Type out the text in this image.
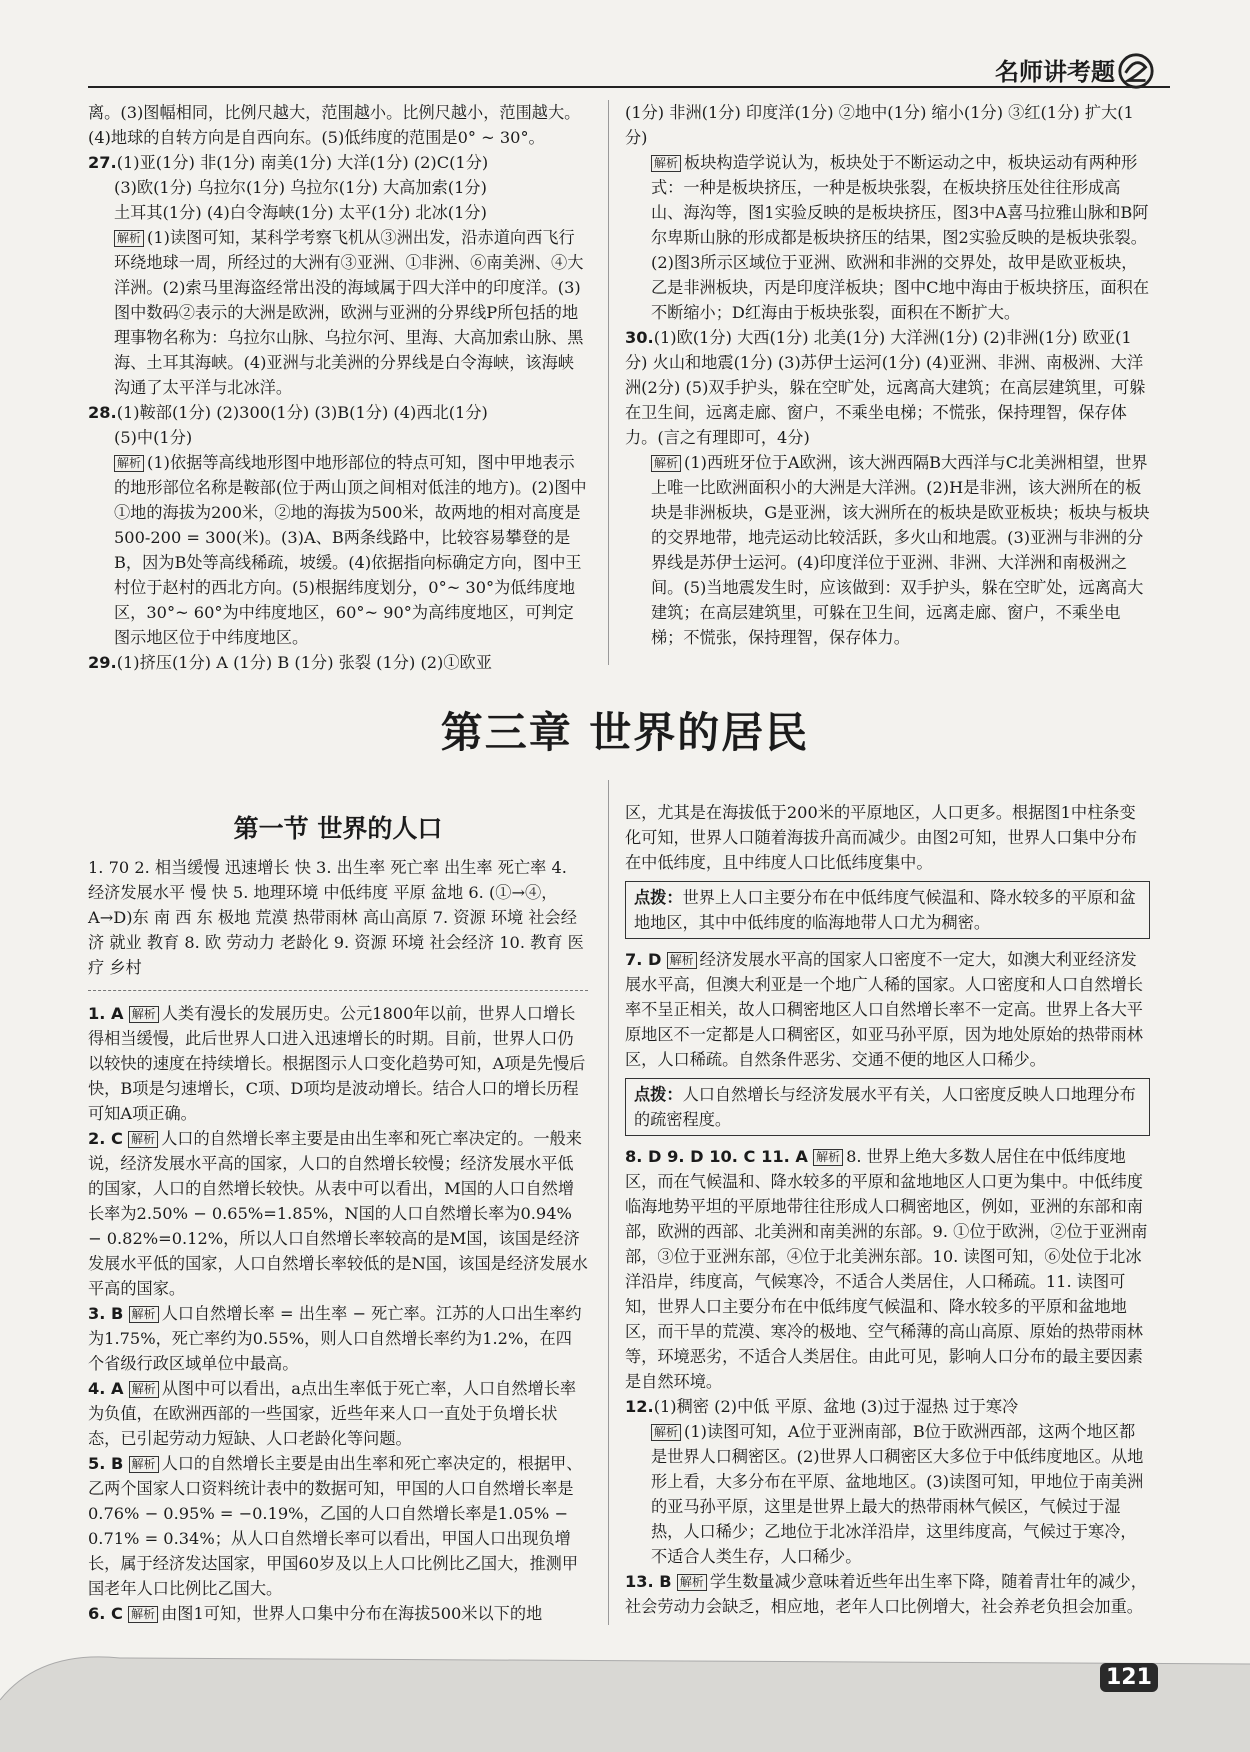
名师讲考题

离。(3)图幅相同，比例尺越大，范围越小。比例尺越小，范围越大。(4)地球的自转方向是自西向东。(5)低纬度的范围是0° ~ 30°。

27.(1)亚(1分) 非(1分) 南美(1分) 大洋(1分) (2)C(1分)

(3)欧(1分) 乌拉尔(1分) 乌拉尔(1分) 大高加索(1分)

土耳其(1分) (4)白令海峡(1分) 太平(1分) 北冰(1分)

解析 (1)读图可知，某科学考察飞机从③洲出发，沿赤道向西飞行环绕地球一周，所经过的大洲有③亚洲、①非洲、⑥南美洲、④大洋洲。(2)索马里海盗经常出没的海域属于四大洋中的印度洋。(3)图中数码②表示的大洲是欧洲，欧洲与亚洲的分界线P所包括的地理事物名称为：乌拉尔山脉、乌拉尔河、里海、大高加索山脉、黑海、土耳其海峡。(4)亚洲与北美洲的分界线是白令海峡，该海峡沟通了太平洋与北冰洋。

28.(1)鞍部(1分) (2)300(1分) (3)B(1分) (4)西北(1分)

(5)中(1分)

解析 (1)依据等高线地形图中地形部位的特点可知，图中甲地表示的地形部位名称是鞍部(位于两山顶之间相对低洼的地方)。(2)图中①地的海拔为200米，②地的海拔为500米，故两地的相对高度是500-200 = 300(米)。(3)A、B两条线路中，比较容易攀登的是B，因为B处等高线稀疏，坡缓。(4)依据指向标确定方向，图中王村位于赵村的西北方向。(5)根据纬度划分，0°~ 30°为低纬度地区，30°~ 60°为中纬度地区，60°~ 90°为高纬度地区，可判定图示地区位于中纬度地区。

29.(1)挤压(1分) A (1分) B (1分) 张裂 (1分) (2)①欧亚

(1分) 非洲(1分) 印度洋(1分) ②地中(1分) 缩小(1分) ③红(1分) 扩大(1分)

解析 板块构造学说认为，板块处于不断运动之中，板块运动有两种形式：一种是板块挤压，一种是板块张裂，在板块挤压处往往形成高山、海沟等，图1实验反映的是板块挤压，图3中A喜马拉雅山脉和B阿尔卑斯山脉的形成都是板块挤压的结果，图2实验反映的是板块张裂。(2)图3所示区域位于亚洲、欧洲和非洲的交界处，故甲是欧亚板块，乙是非洲板块，丙是印度洋板块；图中C地中海由于板块挤压，面积在不断缩小；D红海由于板块张裂，面积在不断扩大。

30.(1)欧(1分) 大西(1分) 北美(1分) 大洋洲(1分) (2)非洲(1分) 欧亚(1分) 火山和地震(1分) (3)苏伊士运河(1分) (4)亚洲、非洲、南极洲、大洋洲(2分) (5)双手护头，躲在空旷处，远离高大建筑；在高层建筑里，可躲在卫生间，远离走廊、窗户，不乘坐电梯；不慌张，保持理智，保存体力。(言之有理即可，4分)

解析 (1)西班牙位于A欧洲，该大洲西隔B大西洋与C北美洲相望，世界上唯一比欧洲面积小的大洲是大洋洲。(2)H是非洲，该大洲所在的板块是非洲板块，G是亚洲，该大洲所在的板块是欧亚板块；板块与板块的交界地带，地壳运动比较活跃，多火山和地震。(3)亚洲与非洲的分界线是苏伊士运河。(4)印度洋位于亚洲、非洲、大洋洲和南极洲之间。(5)当地震发生时，应该做到：双手护头，躲在空旷处，远离高大建筑；在高层建筑里，可躲在卫生间，远离走廊、窗户，不乘坐电梯；不慌张，保持理智，保存体力。

第三章 世界的居民

第一节 世界的人口

1. 70 2. 相当缓慢 迅速增长 快 3. 出生率 死亡率 出生率 死亡率 4. 经济发展水平 慢 快 5. 地理环境 中低纬度 平原 盆地 6. (①→④，A→D)东 南 西 东 极地 荒漠 热带雨林 高山高原 7. 资源 环境 社会经济 就业 教育 8. 欧 劳动力 老龄化 9. 资源 环境 社会经济 10. 教育 医疗 乡村

1. A 解析 人类有漫长的发展历史。公元1800年以前，世界人口增长得相当缓慢，此后世界人口进入迅速增长的时期。目前，世界人口仍以较快的速度在持续增长。根据图示人口变化趋势可知，A项是先慢后快，B项是匀速增长，C项、D项均是波动增长。结合人口的增长历程可知A项正确。

2. C 解析 人口的自然增长率主要是由出生率和死亡率决定的。一般来说，经济发展水平高的国家，人口的自然增长较慢；经济发展水平低的国家，人口的自然增长较快。从表中可以看出，M国的人口自然增长率为2.50% − 0.65%=1.85%，N国的人口自然增长率为0.94% − 0.82%=0.12%，所以人口自然增长率较高的是M国，该国是经济发展水平低的国家，人口自然增长率较低的是N国，该国是经济发展水平高的国家。

3. B 解析 人口自然增长率 = 出生率 − 死亡率。江苏的人口出生率约为1.75%，死亡率约为0.55%，则人口自然增长率约为1.2%，在四个省级行政区域单位中最高。

4. A 解析 从图中可以看出，a点出生率低于死亡率，人口自然增长率为负值，在欧洲西部的一些国家，近些年来人口一直处于负增长状态，已引起劳动力短缺、人口老龄化等问题。

5. B 解析 人口的自然增长主要是由出生率和死亡率决定的，根据甲、乙两个国家人口资料统计表中的数据可知，甲国的人口自然增长率是0.76% − 0.95% = −0.19%，乙国的人口自然增长率是1.05% − 0.71% = 0.34%；从人口自然增长率可以看出，甲国人口出现负增长，属于经济发达国家，甲国60岁及以上人口比例比乙国大，推测甲国老年人口比例比乙国大。

6. C 解析 由图1可知，世界人口集中分布在海拔500米以下的地

区，尤其是在海拔低于200米的平原地区，人口更多。根据图1中柱条变化可知，世界人口随着海拔升高而减少。由图2可知，世界人口集中分布在中低纬度，且中纬度人口比低纬度集中。

点拨：世界上人口主要分布在中低纬度气候温和、降水较多的平原和盆地地区，其中中低纬度的临海地带人口尤为稠密。

7. D 解析 经济发展水平高的国家人口密度不一定大，如澳大利亚经济发展水平高，但澳大利亚是一个地广人稀的国家。人口密度和人口自然增长率不呈正相关，故人口稠密地区人口自然增长率不一定高。世界上各大平原地区不一定都是人口稠密区，如亚马孙平原，因为地处原始的热带雨林区，人口稀疏。自然条件恶劣、交通不便的地区人口稀少。

点拨：人口自然增长与经济发展水平有关，人口密度反映人口地理分布的疏密程度。

8. D 9. D 10. C 11. A 解析 8. 世界上绝大多数人居住在中低纬度地区，而在气候温和、降水较多的平原和盆地地区人口更为集中。中低纬度临海地势平坦的平原地带往往形成人口稠密地区，例如，亚洲的东部和南部，欧洲的西部、北美洲和南美洲的东部。9. ①位于欧洲，②位于亚洲南部，③位于亚洲东部，④位于北美洲东部。10. 读图可知，⑥处位于北冰洋沿岸，纬度高，气候寒冷，不适合人类居住，人口稀疏。11. 读图可知，世界人口主要分布在中低纬度气候温和、降水较多的平原和盆地地区，而干旱的荒漠、寒冷的极地、空气稀薄的高山高原、原始的热带雨林等，环境恶劣，不适合人类居住。由此可见，影响人口分布的最主要因素是自然环境。

12.(1)稠密 (2)中低 平原、盆地 (3)过于湿热 过于寒冷

解析 (1)读图可知，A位于亚洲南部，B位于欧洲西部，这两个地区都是世界人口稠密区。(2)世界人口稠密区大多位于中低纬度地区。从地形上看，大多分布在平原、盆地地区。(3)读图可知，甲地位于南美洲的亚马孙平原，这里是世界上最大的热带雨林气候区，气候过于湿热，人口稀少；乙地位于北冰洋沿岸，这里纬度高，气候过于寒冷，不适合人类生存，人口稀少。

13. B 解析 学生数量减少意味着近些年出生率下降，随着青壮年的减少，社会劳动力会缺乏，相应地，老年人口比例增大，社会养老负担会加重。

121
